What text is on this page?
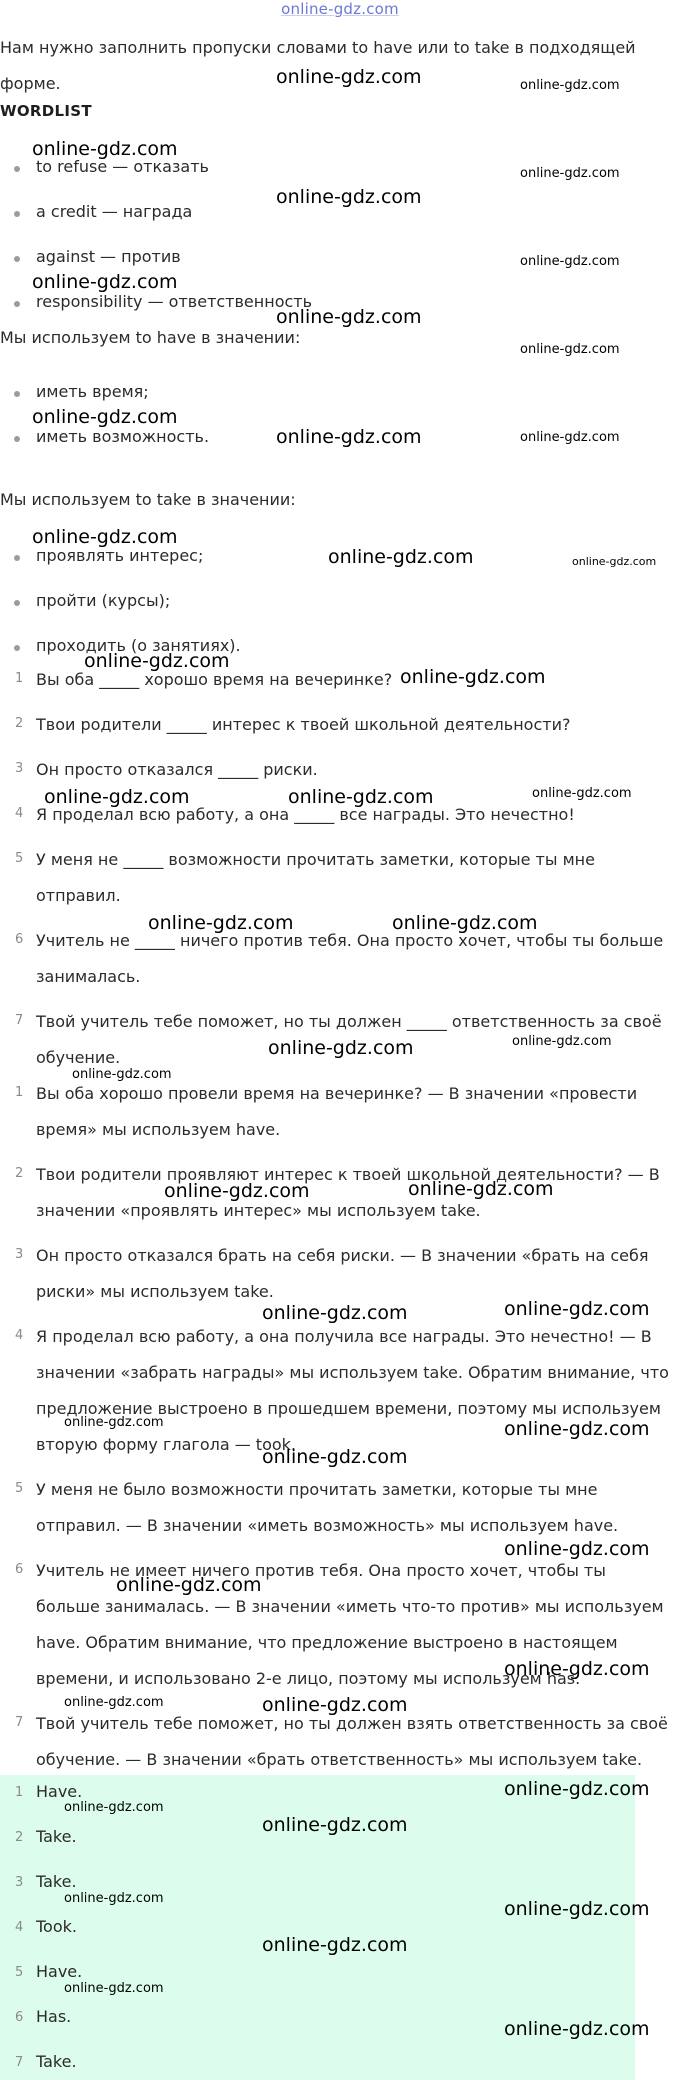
online-gdz.com
Нам нужно заполнить пропуски словами to have или to take в подходящей форме.
WORDLIST
to refuse — отказать
a credit — награда
against — против
responsibility — ответственность
Мы используем to have в значении:
иметь время;
иметь возможность.
Мы используем to take в значении:
проявлять интерес;
пройти (курсы);
проходить (о занятиях).
1 Вы оба _____ хорошо время на вечеринке?
2 Твои родители _____ интерес к твоей школьной деятельности?
3 Он просто отказался _____ риски.
4 Я проделал всю работу, а она _____ все награды. Это нечестно!
5 У меня не _____ возможности прочитать заметки, которые ты мне отправил.
6 Учитель не _____ ничего против тебя. Она просто хочет, чтобы ты больше занималась.
7 Твой учитель тебе поможет, но ты должен _____ ответственность за своё обучение.
1 Вы оба хорошо провели время на вечеринке? — В значении «провести время» мы используем have.
2 Твои родители проявляют интерес к твоей школьной деятельности? — В значении «проявлять интерес» мы используем take.
3 Он просто отказался брать на себя риски. — В значении «брать на себя риски» мы используем take.
4 Я проделал всю работу, а она получила все награды. Это нечестно! — В значении «забрать награды» мы используем take. Обратим внимание, что предложение выстроено в прошедшем времени, поэтому мы используем вторую форму глагола — took.
5 У меня не было возможности прочитать заметки, которые ты мне отправил. — В значении «иметь возможность» мы используем have.
6 Учитель не имеет ничего против тебя. Она просто хочет, чтобы ты больше занималась. — В значении «иметь что-то против» мы используем have. Обратим внимание, что предложение выстроено в настоящем времени, и использовано 2-е лицо, поэтому мы используем has.
7 Твой учитель тебе поможет, но ты должен взять ответственность за своё обучение. — В значении «брать ответственность» мы используем take.
1 Have.
2 Take.
3 Take.
4 Took.
5 Have.
6 Has.
7 Take.
online-gdz.com	online-gdz.com
online-gdz.com
online-gdz.com
online-gdz.com
online-gdz.com
online-gdz.com
online-gdz.com
online-gdz.com
online-gdz.com
online-gdz.com	online-gdz.com
online-gdz.com
online-gdz.com	online-gdz.com
online-gdz.com
online-gdz.com
online-gdz.com	online-gdz.com	online-gdz.com
online-gdz.com	online-gdz.com
online-gdz.com	online-gdz.com
online-gdz.com
online-gdz.com	online-gdz.com
online-gdz.com	online-gdz.com
online-gdz.com
online-gdz.com
online-gdz.com
online-gdz.com
online-gdz.com
online-gdz.com
online-gdz.com	online-gdz.com
online-gdz.com
online-gdz.com
online-gdz.com
online-gdz.com	online-gdz.com
online-gdz.com
online-gdz.com
online-gdz.com
